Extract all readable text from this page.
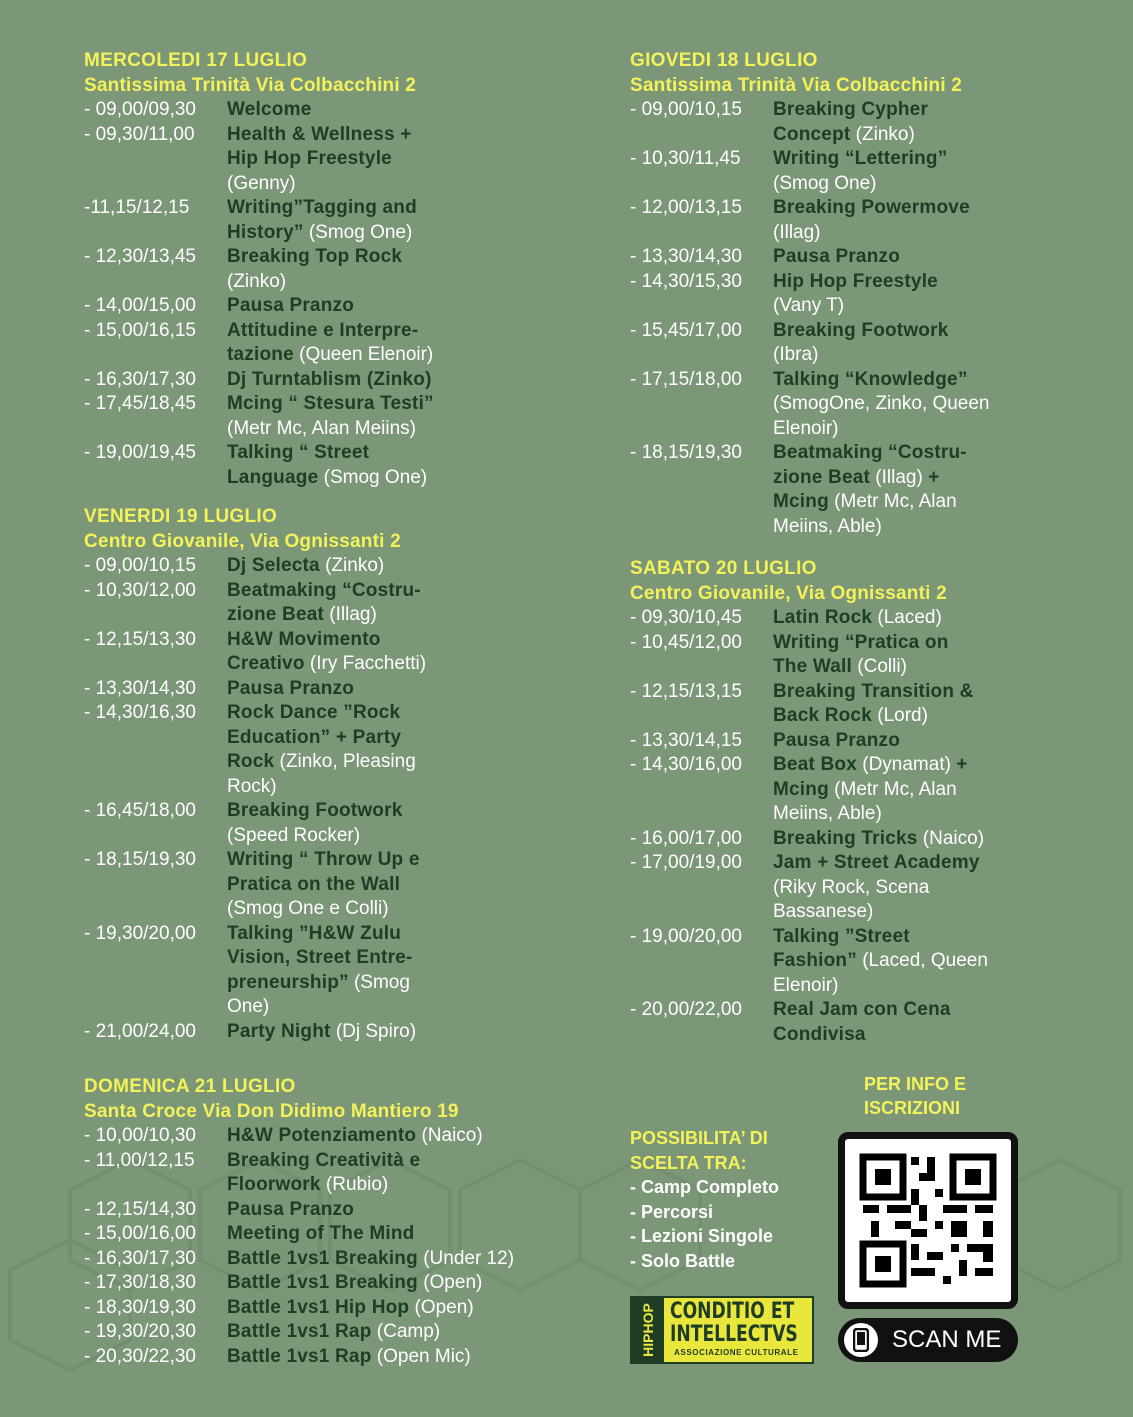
MERCOLEDI 17 LUGLIO
Santissima Trinità Via Colbacchini 2
- 09,00/09,30	Welcome
- 09,30/11,00	Health & Wellness +
Hip Hop Freestyle
(Genny)
-11,15/12,15	Writing”Tagging and
History” (Smog One)
- 12,30/13,45	Breaking Top Rock
(Zinko)
- 14,00/15,00	Pausa Pranzo
- 15,00/16,15	Attitudine e Interpre-
tazione (Queen Elenoir)
- 16,30/17,30	Dj Turntablism (Zinko)
- 17,45/18,45	Mcing “ Stesura Testi”
(Metr Mc, Alan Meiins)
- 19,00/19,45	Talking “ Street
Language (Smog One)
GIOVEDI 18 LUGLIO
Santissima Trinità Via Colbacchini 2
- 09,00/10,15	Breaking Cypher
Concept (Zinko)
- 10,30/11,45	Writing “Lettering”
(Smog One)
- 12,00/13,15	Breaking Powermove
(Illag)
- 13,30/14,30	Pausa Pranzo
- 14,30/15,30	Hip Hop Freestyle
(Vany T)
- 15,45/17,00	Breaking Footwork
(Ibra)
- 17,15/18,00	Talking “Knowledge”
(SmogOne, Zinko, Queen
Elenoir)
- 18,15/19,30	Beatmaking “Costru-
zione Beat (Illag) +
Mcing (Metr Mc, Alan
Meiins, Able)
VENERDI 19 LUGLIO
Centro Giovanile, Via Ognissanti 2
- 09,00/10,15	Dj Selecta (Zinko)
- 10,30/12,00	Beatmaking “Costru-
zione Beat (Illag)
- 12,15/13,30	H&W Movimento
Creativo (Iry Facchetti)
- 13,30/14,30	Pausa Pranzo
- 14,30/16,30	Rock Dance ”Rock
Education” + Party
Rock (Zinko, Pleasing
Rock)
- 16,45/18,00	Breaking Footwork
(Speed Rocker)
- 18,15/19,30	Writing “ Throw Up e
Pratica on the Wall
(Smog One e Colli)
- 19,30/20,00	Talking ”H&W Zulu
Vision, Street Entre-
preneurship” (Smog
One)
- 21,00/24,00	Party Night (Dj Spiro)
SABATO 20 LUGLIO
Centro Giovanile, Via Ognissanti 2
- 09,30/10,45	Latin Rock (Laced)
- 10,45/12,00	Writing “Pratica on
The Wall (Colli)
- 12,15/13,15	Breaking Transition &
Back Rock (Lord)
- 13,30/14,15	Pausa Pranzo
- 14,30/16,00	Beat Box (Dynamat) +
Mcing (Metr Mc, Alan
Meiins, Able)
- 16,00/17,00	Breaking Tricks (Naico)
- 17,00/19,00	Jam + Street Academy
(Riky Rock, Scena
Bassanese)
- 19,00/20,00	Talking ”Street
Fashion” (Laced, Queen
Elenoir)
- 20,00/22,00	Real Jam con Cena
Condivisa
DOMENICA 21 LUGLIO
Santa Croce Via Don Didimo Mantiero 19
- 10,00/10,30	H&W Potenziamento (Naico)
- 11,00/12,15	Breaking Creatività e
Floorwork (Rubio)
- 12,15/14,30	Pausa Pranzo
- 15,00/16,00	Meeting of The Mind
- 16,30/17,30	Battle 1vs1 Breaking (Under 12)
- 17,30/18,30	Battle 1vs1 Breaking (Open)
- 18,30/19,30	Battle 1vs1 Hip Hop (Open)
- 19,30/20,30	Battle 1vs1 Rap (Camp)
- 20,30/22,30	Battle 1vs1 Rap (Open Mic)
PER INFO E
ISCRIZIONI
POSSIBILITA’ DI
SCELTA TRA:
- Camp Completo
- Percorsi
- Lezioni Singole
- Solo Battle
SCAN ME
HIPHOP CONDITIO ET
INTELLECTVS
ASSOCIAZIONE CULTURALE
